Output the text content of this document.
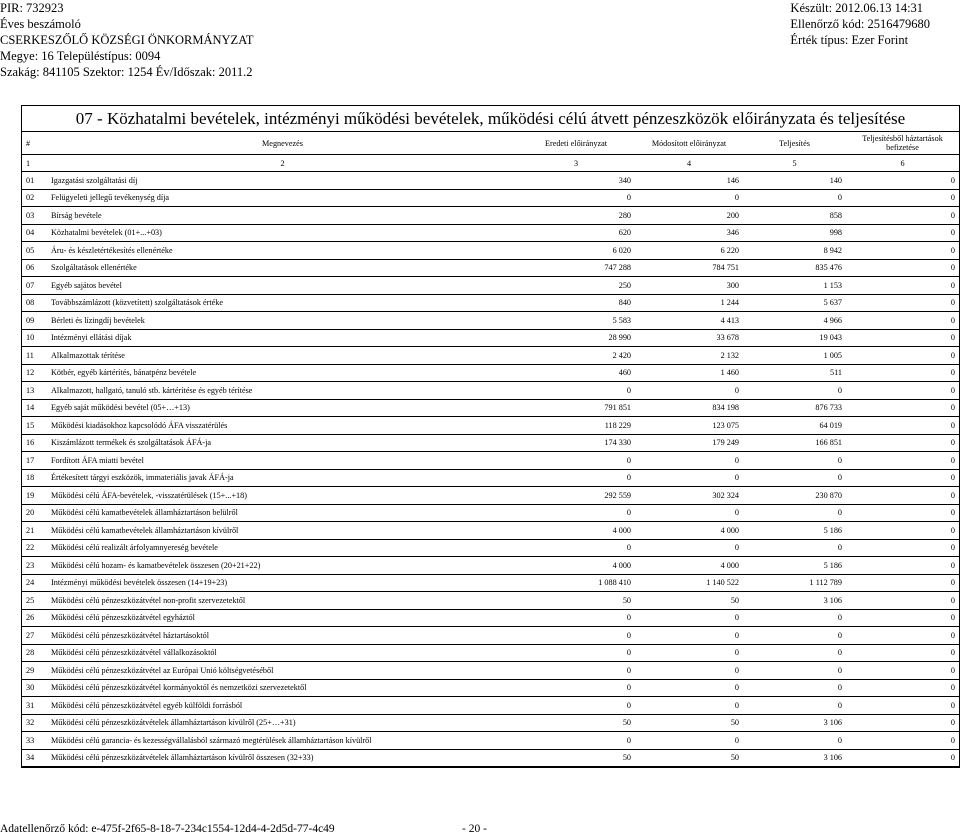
PIR: 732923
Éves beszámoló
CSERKESZŐLŐ KÖZSÉGI ÖNKORMÁNYZAT
Megye: 16 Településtípus: 0094
Szakág: 841105 Szektor: 1254 Év/Időszak: 2011.2
Készült: 2012.06.13 14:31
Ellenőrző kód: 2516479680
Érték típus: Ezer Forint
07 - Közhatalmi bevételek, intézményi működési bevételek, működési célú átvett pénzeszközök előirányzata és teljesítése
#	Megnevezés	Eredeti előirányzat	Módosított előirányzat	Teljesítés	Teljesítésből háztartások befizetése
1	2	3	4	5	6
01	Igazgatási szolgáltatási díj	340	146	140	0
02	Felügyeleti jellegű tevékenység díja	0	0	0	0
03	Bírság bevétele	280	200	858	0
04	Közhatalmi bevételek (01+...+03)	620	346	998	0
05	Áru- és készletértékesítés ellenértéke	6 020	6 220	8 942	0
06	Szolgáltatások ellenértéke	747 288	784 751	835 476	0
07	Egyéb sajátos bevétel	250	300	1 153	0
08	Továbbszámlázott (közvetített) szolgáltatások értéke	840	1 244	5 637	0
09	Bérleti és lízingdíj bevételek	5 583	4 413	4 966	0
10	Intézményi ellátási díjak	28 990	33 678	19 043	0
11	Alkalmazottak térítése	2 420	2 132	1 005	0
12	Kötbér, egyéb kártérítés, bánatpénz bevétele	460	1 460	511	0
13	Alkalmazott, hallgató, tanuló stb. kártérítése és egyéb térítése	0	0	0	0
14	Egyéb saját működési bevétel (05+…+13)	791 851	834 198	876 733	0
15	Működési kiadásokhoz kapcsolódó ÁFA visszatérülés	118 229	123 075	64 019	0
16	Kiszámlázott termékek és szolgáltatások ÁFÁ-ja	174 330	179 249	166 851	0
17	Fordított ÁFA miatti bevétel	0	0	0	0
18	Értékesített tárgyi eszközök, immateriális javak ÁFÁ-ja	0	0	0	0
19	Működési célú ÁFA-bevételek, -visszatérülések (15+...+18)	292 559	302 324	230 870	0
20	Működési célú kamatbevételek államháztartáson belülről	0	0	0	0
21	Működési célú kamatbevételek államháztartáson kívülről	4 000	4 000	5 186	0
22	Működési célú realizált árfolyamnyereség bevétele	0	0	0	0
23	Működési célú hozam- és kamatbevételek összesen (20+21+22)	4 000	4 000	5 186	0
24	Intézményi működési bevételek összesen (14+19+23)	1 088 410	1 140 522	1 112 789	0
25	Működési célú pénzeszközátvétel non-profit szervezetektől	50	50	3 106	0
26	Működési célú pénzeszközátvétel egyháztól	0	0	0	0
27	Működési célú pénzeszközátvétel háztartásoktól	0	0	0	0
28	Működési célú pénzeszközátvétel vállalkozásoktól	0	0	0	0
29	Működési célú pénzeszközátvétel az Európai Unió költségvetéséből	0	0	0	0
30	Működési célú pénzeszközátvétel kormányoktól és nemzetközi szervezetektől	0	0	0	0
31	Működési célú pénzeszközátvétel egyéb külföldi forrásból	0	0	0	0
32	Működési célú pénzeszközátvételek államháztartáson kívülről (25+…+31)	50	50	3 106	0
33	Működési célú garancia- és kezességvállalásból származó megtérülések államháztartáson kívülről	0	0	0	0
34	Működési célú pénzeszközátvételek államháztartáson kívülről összesen (32+33)	50	50	3 106	0
Adatellenőrző kód: e-475f-2f65-8-18-7-234c1554-12d4-4-2d5d-77-4c49	- 20 -
